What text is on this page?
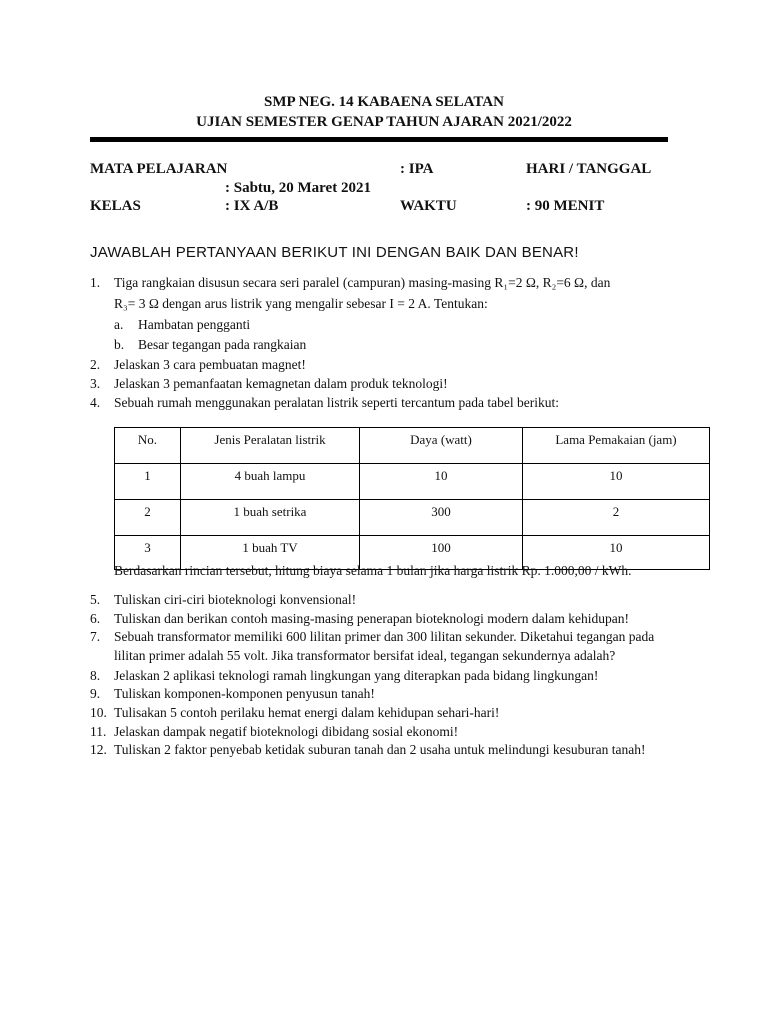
SMP NEG. 14 KABAENA SELATAN
UJIAN SEMESTER GENAP TAHUN AJARAN 2021/2022
MATA PELAJARAN	: IPA	HARI / TANGGAL
: Sabtu, 20 Maret 2021
KELAS	: IX A/B	WAKTU	: 90 MENIT
JAWABLAH PERTANYAAN BERIKUT INI DENGAN BAIK DAN BENAR!
1. Tiga rangkaian disusun secara seri paralel (campuran) masing-masing R₁=2 Ω, R₂=6 Ω, dan
R₃= 3 Ω dengan arus listrik yang mengalir sebesar I = 2 A. Tentukan:
a. Hambatan pengganti
b. Besar tegangan pada rangkaian
2. Jelaskan 3 cara pembuatan magnet!
3. Jelaskan 3 pemanfaatan kemagnetan dalam produk teknologi!
4. Sebuah rumah menggunakan peralatan listrik seperti tercantum pada tabel berikut:
No.	Jenis Peralatan listrik	Daya (watt)	Lama Pemakaian (jam)
1	4 buah lampu	10	10
2	1 buah setrika	300	2
3	1 buah TV	100	10
Berdasarkan rincian tersebut, hitung biaya selama 1 bulan jika harga listrik Rp. 1.000,00 / kWh.
5. Tuliskan ciri-ciri bioteknologi konvensional!
6. Tuliskan dan berikan contoh masing-masing penerapan bioteknologi modern dalam kehidupan!
7. Sebuah transformator memiliki 600 lilitan primer dan 300 lilitan sekunder. Diketahui tegangan pada
lilitan primer adalah 55 volt. Jika transformator bersifat ideal, tegangan sekundernya adalah?
8. Jelaskan 2 aplikasi teknologi ramah lingkungan yang diterapkan pada bidang lingkungan!
9. Tuliskan komponen-komponen penyusun tanah!
10. Tulisakan 5 contoh perilaku hemat energi dalam kehidupan sehari-hari!
11. Jelaskan dampak negatif bioteknologi dibidang sosial ekonomi!
12. Tuliskan 2 faktor penyebab ketidak suburan tanah dan 2 usaha untuk melindungi kesuburan tanah!
